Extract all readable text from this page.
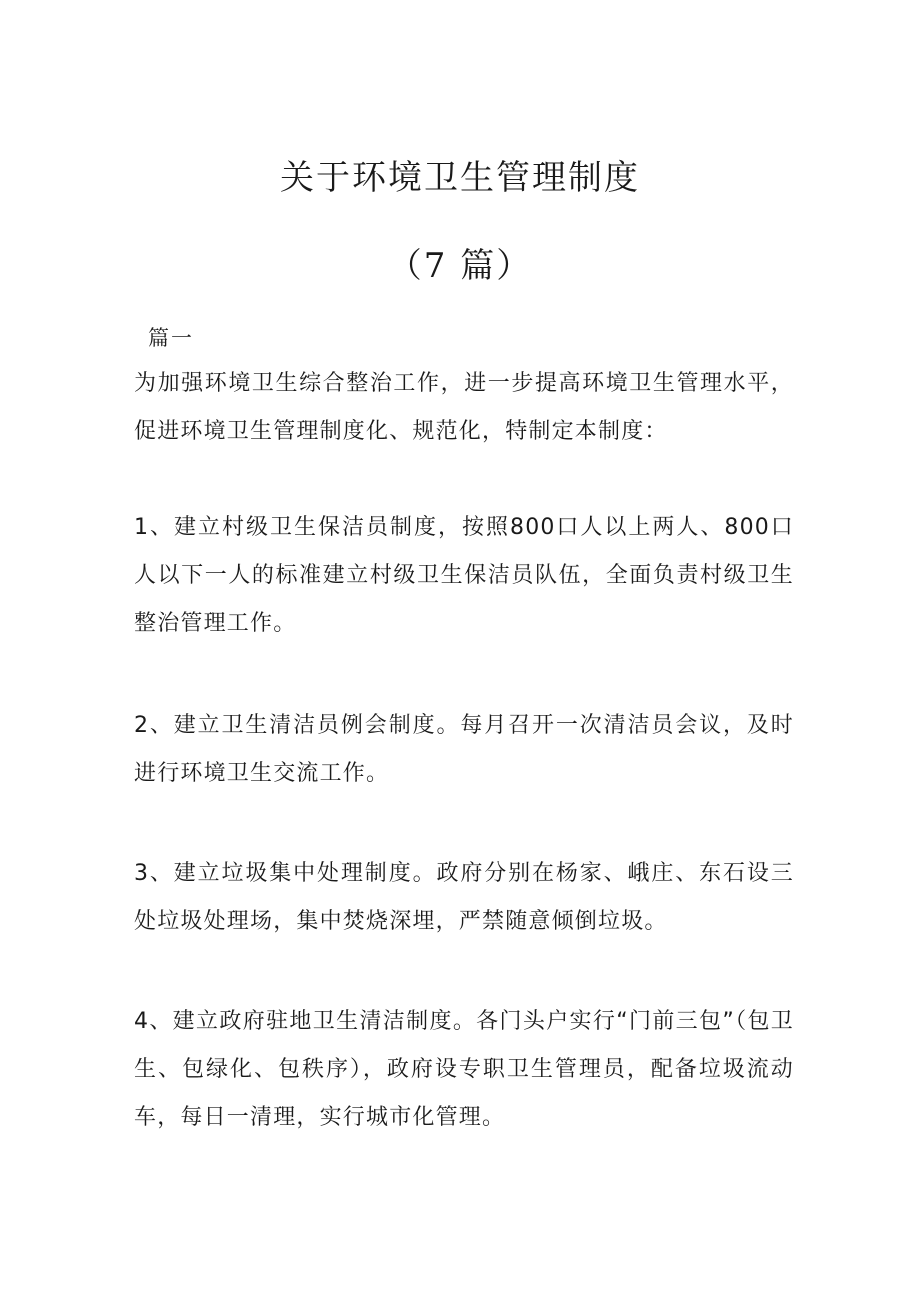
关于环境卫生管理制度
（7 篇）
篇一

为加强环境卫生综合整治工作，进一步提高环境卫生管理水平，促进环境卫生管理制度化、规范化，特制定本制度：

1、建立村级卫生保洁员制度，按照800口人以上两人、800口人以下一人的标准建立村级卫生保洁员队伍，全面负责村级卫生整治管理工作。

2、建立卫生清洁员例会制度。每月召开一次清洁员会议，及时进行环境卫生交流工作。

3、建立垃圾集中处理制度。政府分别在杨家、峨庄、东石设三处垃圾处理场，集中焚烧深埋，严禁随意倾倒垃圾。

4、建立政府驻地卫生清洁制度。各门头户实行“门前三包”（包卫生、包绿化、包秩序），政府设专职卫生管理员，配备垃圾流动车，每日一清理，实行城市化管理。
